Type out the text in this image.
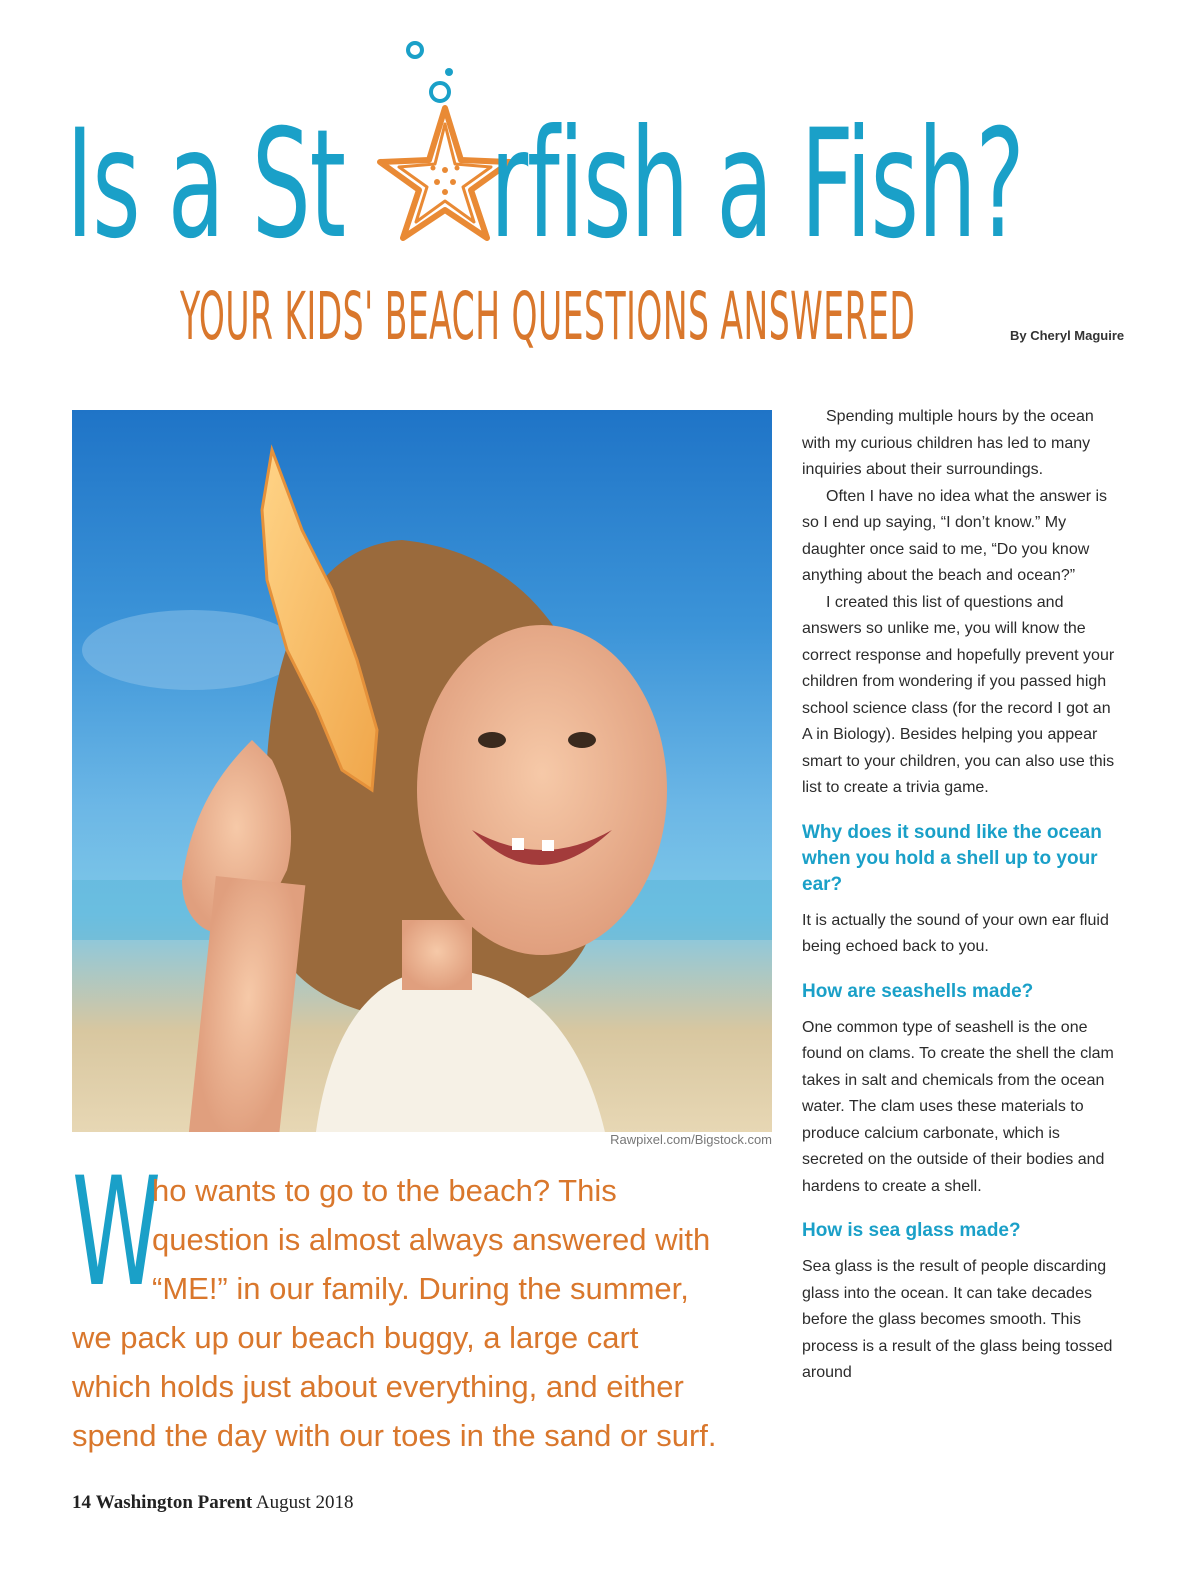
Is a St rfish a Fish?
YOUR KIDS' BEACH QUESTIONS ANSWERED	By Cheryl Maguire
Rawpixel.com/Bigstock.com
W
ho wants to go to the beach? This
question is almost always answered with
“ME!” in our family. During the summer,
we pack up our beach buggy, a large cart
which holds just about everything, and either
spend the day with our toes in the sand or surf.

Spending multiple hours by the ocean with my curious children has led to many inquiries about their surroundings.

Often I have no idea what the answer is so I end up saying, “I don’t know.” My daughter once said to me, “Do you know anything about the beach and ocean?”

I created this list of questions and answers so unlike me, you will know the correct response and hopefully prevent your children from wondering if you passed high school science class (for the record I got an A in Biology). Besides helping you appear smart to your children, you can also use this list to create a trivia game.

Why does it sound like the ocean when you hold a shell up to your ear?

It is actually the sound of your own ear fluid being echoed back to you.

How are seashells made?

One common type of seashell is the one found on clams. To create the shell the clam takes in salt and chemicals from the ocean water. The clam uses these materials to produce calcium carbonate, which is secreted on the outside of their bodies and hardens to create a shell.

How is sea glass made?

Sea glass is the result of people discarding glass into the ocean. It can take decades before the glass becomes smooth. This process is a result of the glass being tossed around

14 Washington Parent August 2018
